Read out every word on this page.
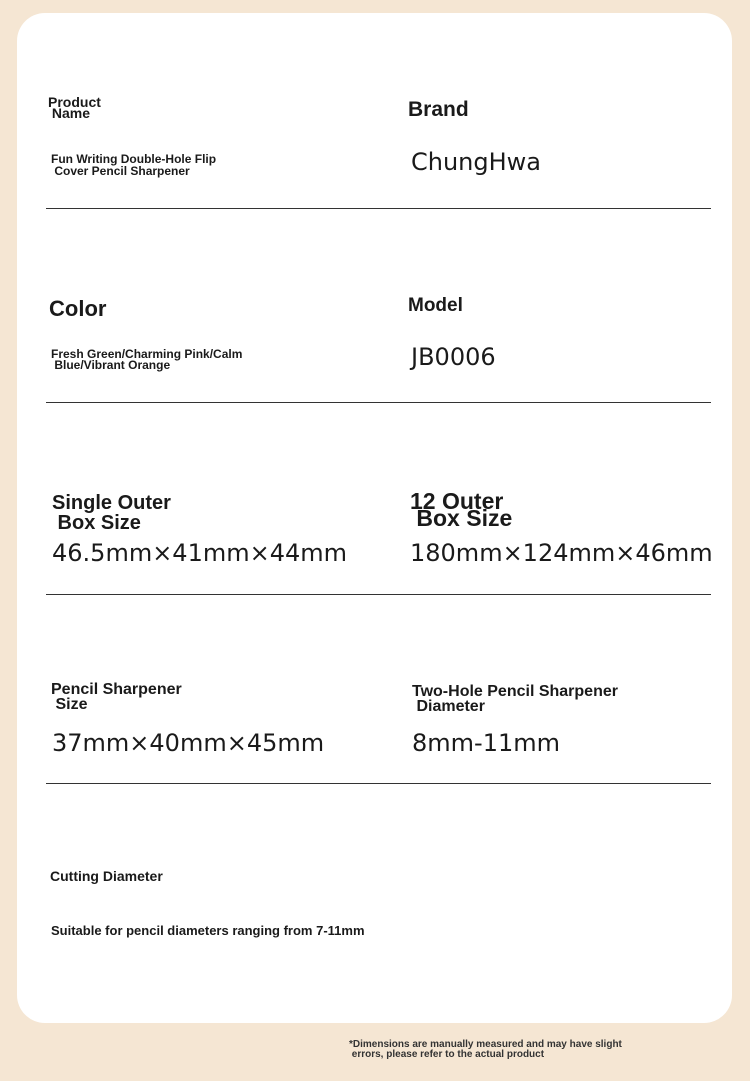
Product
Name
Fun Writing Double-Hole Flip
Cover Pencil Sharpener
Brand
ChungHwa
Color
Fresh Green/Charming Pink/Calm
Blue/Vibrant Orange
Model
JB0006
Single Outer
Box Size
46.5mm×41mm×44mm
12 Outer
Box Size
180mm×124mm×46mm
Pencil Sharpener
Size
37mm×40mm×45mm
Two-Hole Pencil Sharpener
Diameter
8mm-11mm
Cutting Diameter
Suitable for pencil diameters ranging from 7-11mm
*Dimensions are manually measured and may have slight
errors, please refer to the actual product
